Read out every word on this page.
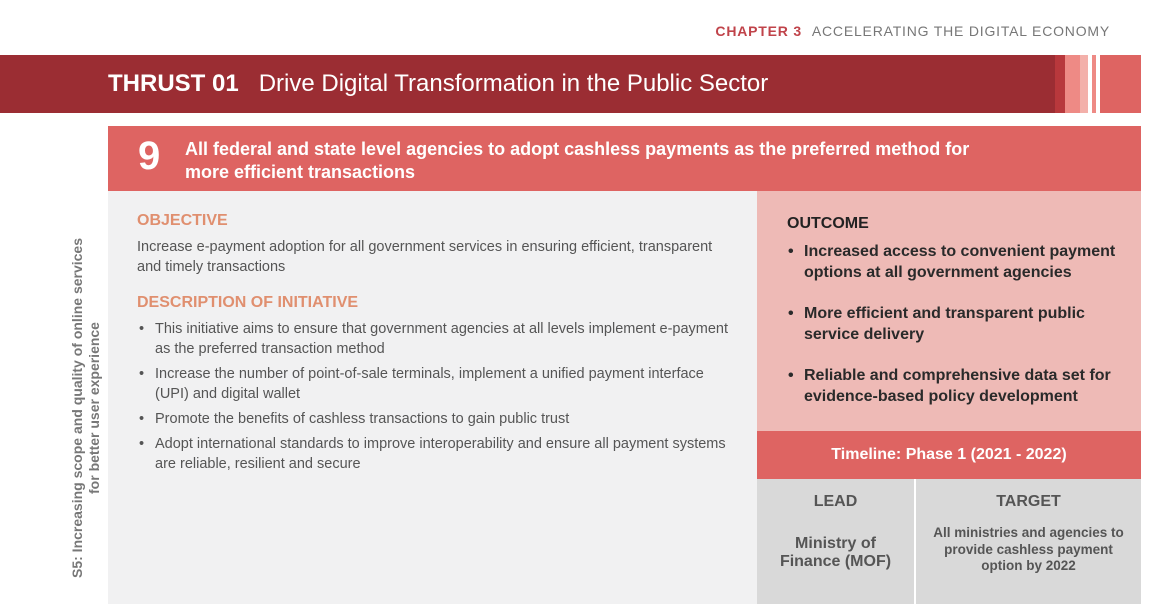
CHAPTER 3 ACCELERATING THE DIGITAL ECONOMY
THRUST 01 Drive Digital Transformation in the Public Sector
9 All federal and state level agencies to adopt cashless payments as the preferred method for more efficient transactions
S5: Increasing scope and quality of online services for better user experience
OBJECTIVE
Increase e-payment adoption for all government services in ensuring efficient, transparent and timely transactions
DESCRIPTION OF INITIATIVE
• This initiative aims to ensure that government agencies at all levels implement e-payment as the preferred transaction method
• Increase the number of point-of-sale terminals, implement a unified payment interface (UPI) and digital wallet
• Promote the benefits of cashless transactions to gain public trust
• Adopt international standards to improve interoperability and ensure all payment systems are reliable, resilient and secure
OUTCOME
• Increased access to convenient payment options at all government agencies
• More efficient and transparent public service delivery
• Reliable and comprehensive data set for evidence-based policy development
Timeline: Phase 1 (2021 - 2022)
LEAD
Ministry of Finance (MOF)
TARGET
All ministries and agencies to provide cashless payment option by 2022
